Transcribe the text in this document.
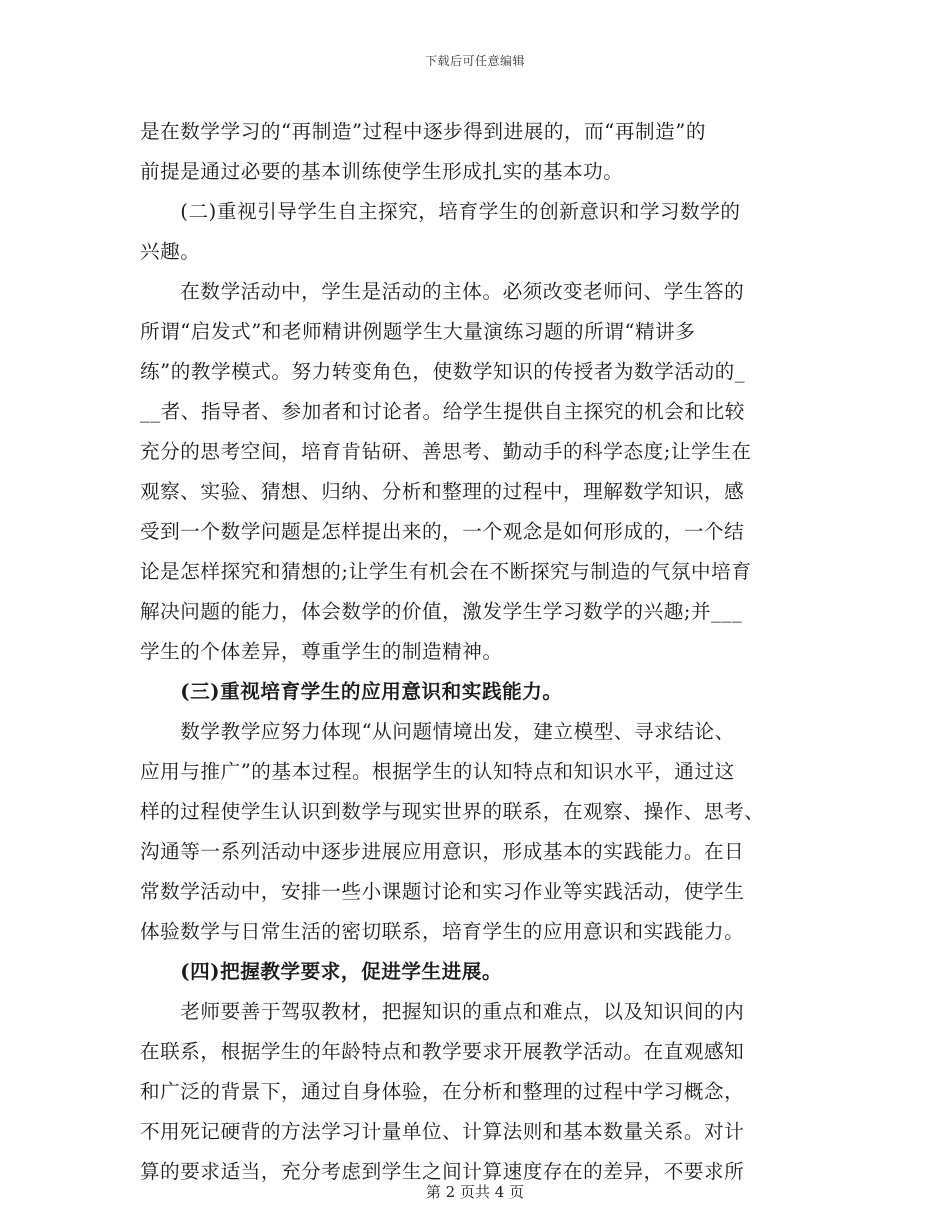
下载后可任意编辑
是在数学学习的“再制造”过程中逐步得到进展的，而“再制造”的
前提是通过必要的基本训练使学生形成扎实的基本功。
　　(二)重视引导学生自主探究，培育学生的创新意识和学习数学的
兴趣。
　　在数学活动中，学生是活动的主体。必须改变老师问、学生答的
所谓“启发式”和老师精讲例题学生大量演练习题的所谓“精讲多
练”的教学模式。努力转变角色，使数学知识的传授者为数学活动的_
__者、指导者、参加者和讨论者。给学生提供自主探究的机会和比较
充分的思考空间，培育肯钻研、善思考、勤动手的科学态度;让学生在
观察、实验、猜想、归纳、分析和整理的过程中，理解数学知识，感
受到一个数学问题是怎样提出来的，一个观念是如何形成的，一个结
论是怎样探究和猜想的;让学生有机会在不断探究与制造的气氛中培育
解决问题的能力，体会数学的价值，激发学生学习数学的兴趣;并___
学生的个体差异，尊重学生的制造精神。
　　(三)重视培育学生的应用意识和实践能力。
　　数学教学应努力体现“从问题情境出发，建立模型、寻求结论、
应用与推广”的基本过程。根据学生的认知特点和知识水平，通过这
样的过程使学生认识到数学与现实世界的联系，在观察、操作、思考、
沟通等一系列活动中逐步进展应用意识，形成基本的实践能力。在日
常数学活动中，安排一些小课题讨论和实习作业等实践活动，使学生
体验数学与日常生活的密切联系，培育学生的应用意识和实践能力。
　　(四)把握教学要求，促进学生进展。
　　老师要善于驾驭教材，把握知识的重点和难点，以及知识间的内
在联系，根据学生的年龄特点和教学要求开展教学活动。在直观感知
和广泛的背景下，通过自身体验，在分析和整理的过程中学习概念，
不用死记硬背的方法学习计量单位、计算法则和基本数量关系。对计
算的要求适当，充分考虑到学生之间计算速度存在的差异，不要求所
第 2 页共 4 页
